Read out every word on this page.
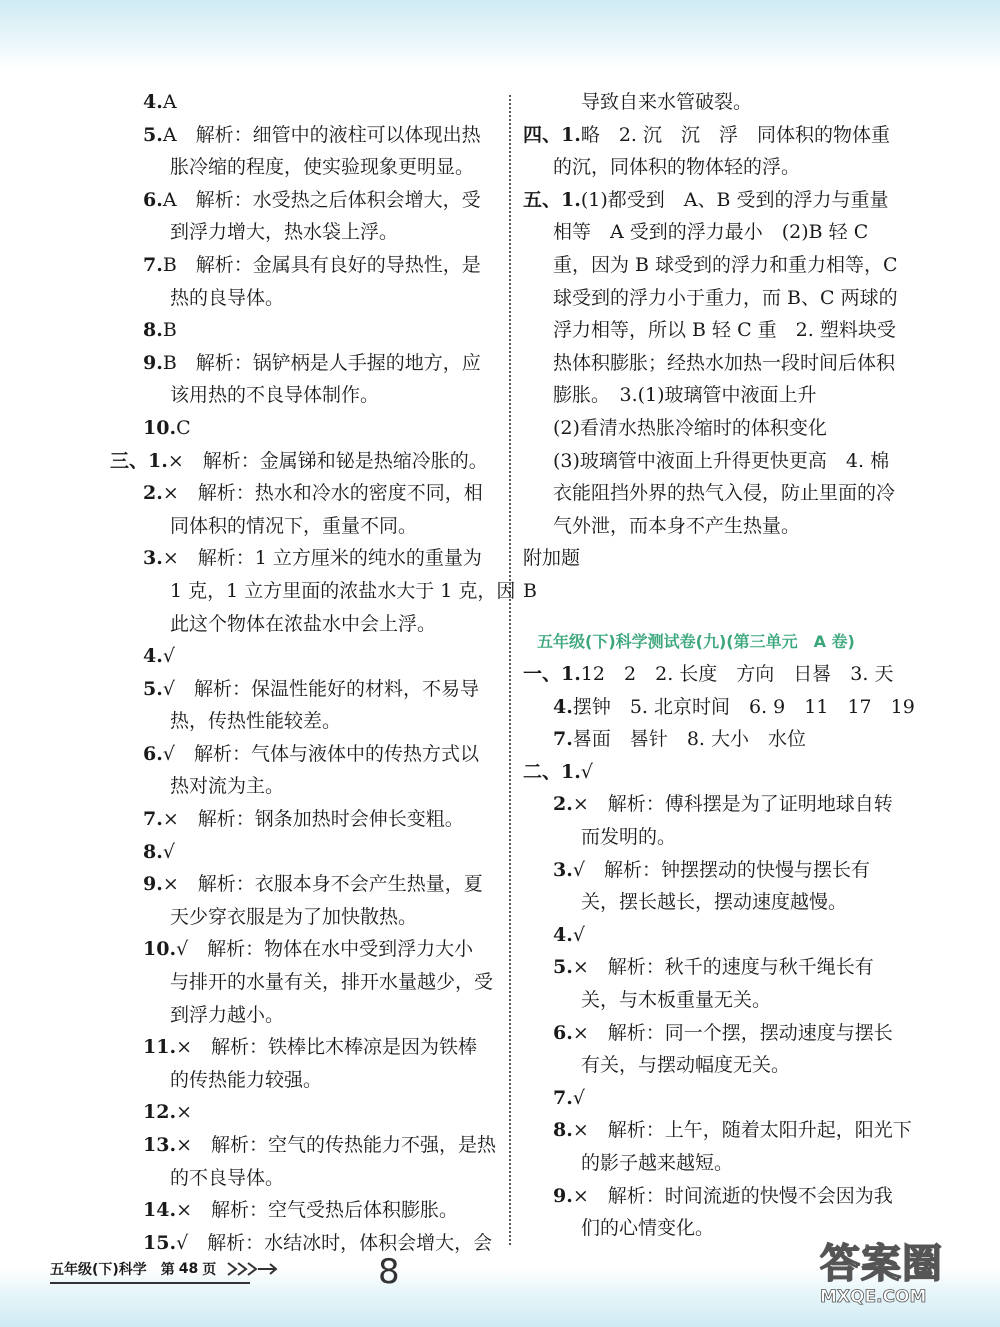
4.A
5.A　解析：细管中的液柱可以体现出热
胀冷缩的程度，使实验现象更明显。
6.A　解析：水受热之后体积会增大，受
到浮力增大，热水袋上浮。
7.B　解析：金属具有良好的导热性，是
热的良导体。
8.B
9.B　解析：锅铲柄是人手握的地方，应
该用热的不良导体制作。
10.C
三、1.×　解析：金属锑和铋是热缩冷胀的。
2.×　解析：热水和冷水的密度不同，相
同体积的情况下，重量不同。
3.×　解析：1 立方厘米的纯水的重量为
1 克，1 立方里面的浓盐水大于 1 克，因
此这个物体在浓盐水中会上浮。
4.√
5.√　解析：保温性能好的材料，不易导
热，传热性能较差。
6.√　解析：气体与液体中的传热方式以
热对流为主。
7.×　解析：钢条加热时会伸长变粗。
8.√
9.×　解析：衣服本身不会产生热量，夏
天少穿衣服是为了加快散热。
10.√　解析：物体在水中受到浮力大小
与排开的水量有关，排开水量越少，受
到浮力越小。
11.×　解析：铁棒比木棒凉是因为铁棒
的传热能力较强。
12.×
13.×　解析：空气的传热能力不强，是热
的不良导体。
14.×　解析：空气受热后体积膨胀。
15.√　解析：水结冰时，体积会增大，会
导致自来水管破裂。
四、1.略　2. 沉　沉　浮　同体积的物体重
的沉，同体积的物体轻的浮。
五、1.(1)都受到　A、B 受到的浮力与重量
相等　A 受到的浮力最小　(2)B 轻 C
重，因为 B 球受到的浮力和重力相等，C
球受到的浮力小于重力，而 B、C 两球的
浮力相等，所以 B 轻 C 重　2. 塑料块受
热体积膨胀；经热水加热一段时间后体积
膨胀。　3.(1)玻璃管中液面上升
(2)看清水热胀冷缩时的体积变化
(3)玻璃管中液面上升得更快更高　4. 棉
衣能阻挡外界的热气入侵，防止里面的冷
气外泄，而本身不产生热量。
附加题
B
五年级(下)科学测试卷(九)(第三单元　A 卷)
一、1.12　2　2. 长度　方向　日晷　3. 天
4.摆钟　5. 北京时间　6. 9　11　17　19
7.晷面　晷针　8. 大小　水位
二、1.√
2.×　解析：傅科摆是为了证明地球自转
而发明的。
3.√　解析：钟摆摆动的快慢与摆长有
关，摆长越长，摆动速度越慢。
4.√
5.×　解析：秋千的速度与秋千绳长有
关，与木板重量无关。
6.×　解析：同一个摆，摆动速度与摆长
有关，与摆动幅度无关。
7.√
8.×　解析：上午，随着太阳升起，阳光下
的影子越来越短。
9.×　解析：时间流逝的快慢不会因为我
们的心情变化。
五年级(下)科学　第 48 页	8	答案圈
MXQE.COM
